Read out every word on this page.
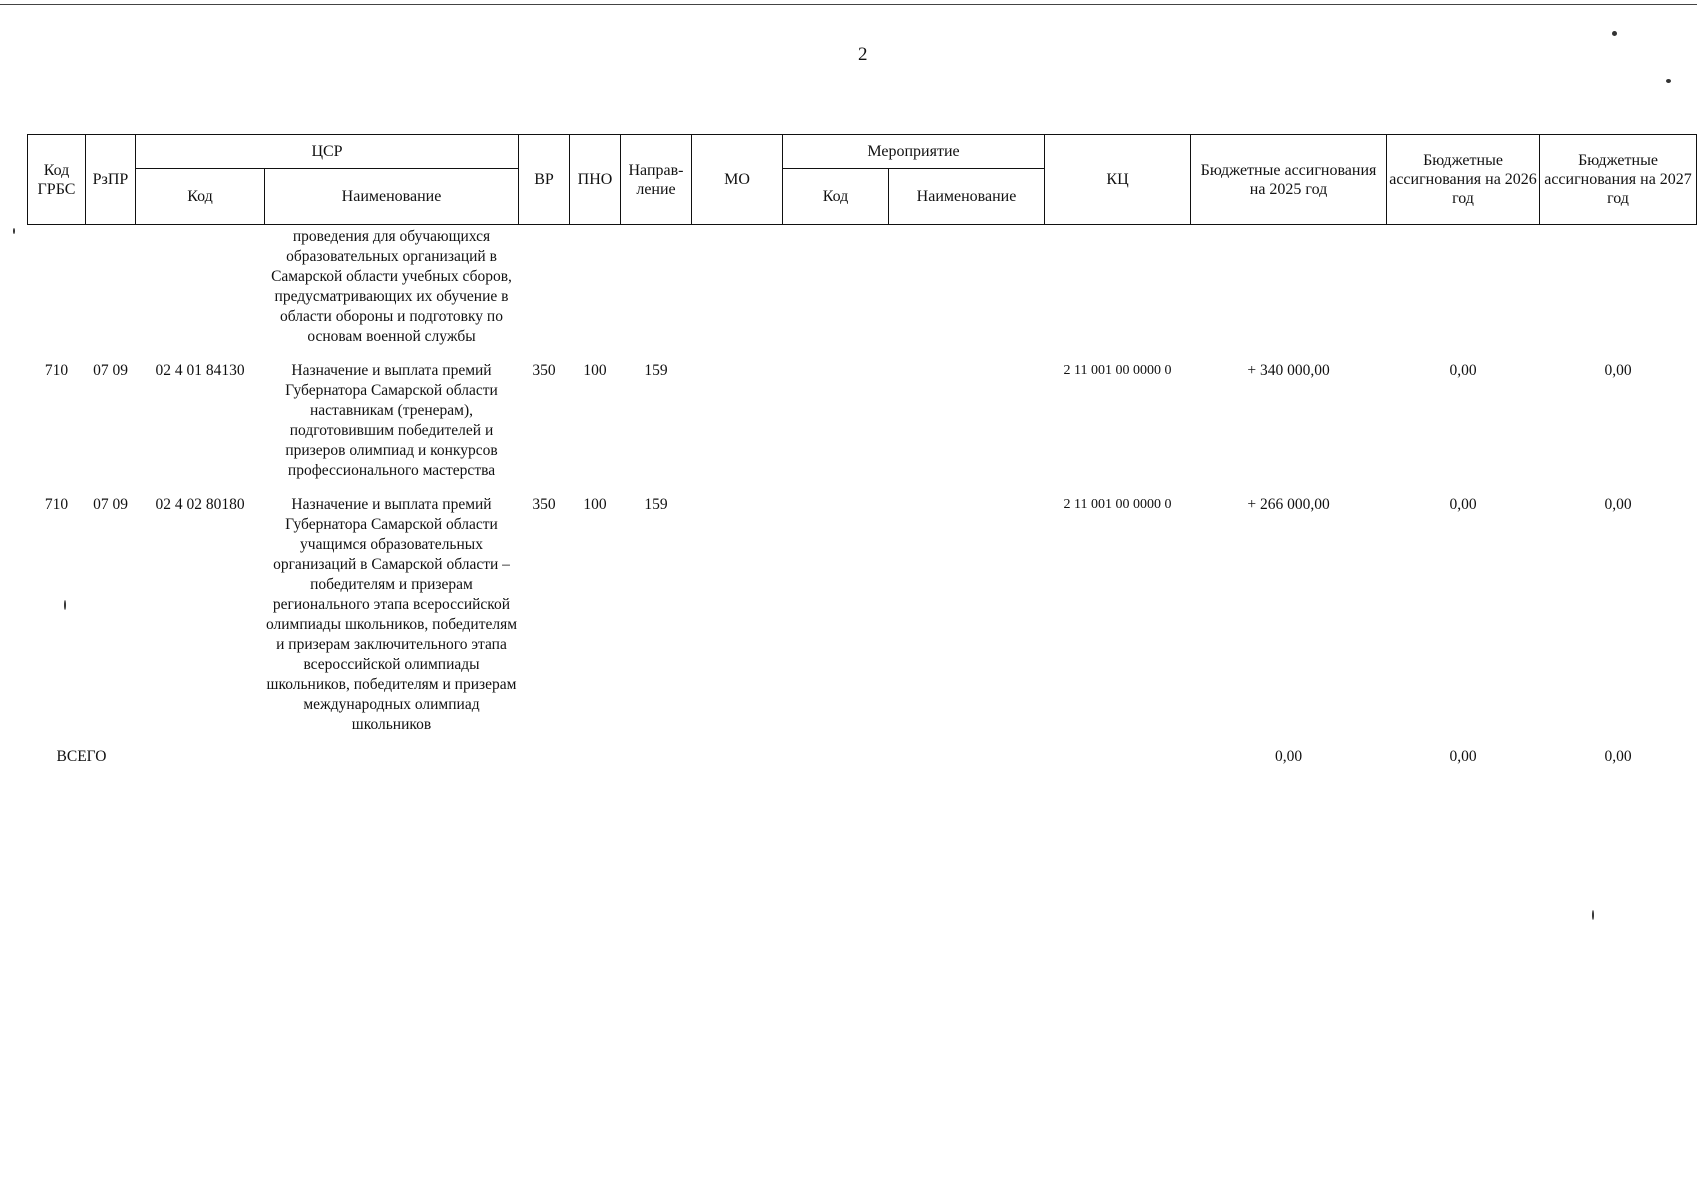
2
Код ГРБС	РзПР	ЦСР		ВР	ПНО	Направ-ление	МО	Мероприятие		КЦ	Бюджетные ассигнования на 2025 год	Бюджетные ассигнования на 2026 год	Бюджетные ассигнования на 2027 год
		Код	Наименование					Код	Наименование				
			проведения для обучающихся образовательных организаций в Самарской области учебных сборов, предусматривающих их обучение в области обороны и подготовку по основам военной службы										
710	07 09	02 4 01 84130	Назначение и выплата премий Губернатора Самарской области наставникам (тренерам), подготовившим победителей и призеров олимпиад и конкурсов профессионального мастерства	350	100	159				2 11 001 00 0000 0	+ 340 000,00	0,00	0,00
710	07 09	02 4 02 80180	Назначение и выплата премий Губернатора Самарской области учащимся образовательных организаций в Самарской области – победителям и призерам регионального этапа всероссийской олимпиады школьников, победителям и призерам заключительного этапа всероссийской олимпиады школьников, победителям и призерам международных олимпиад школьников	350	100	159				2 11 001 00 0000 0	+ 266 000,00	0,00	0,00
ВСЕГО											0,00	0,00	0,00
